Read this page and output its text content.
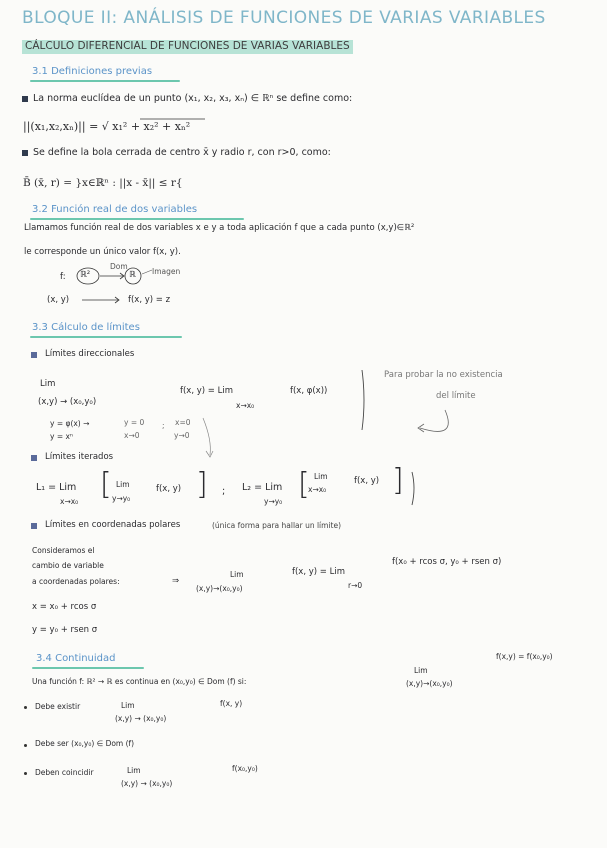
BLOQUE II: ANÁLISIS DE FUNCIONES DE VARIAS VARIABLES
CÁLCULO DIFERENCIAL DE FUNCIONES DE VARIAS VARIABLES
3.1 Definiciones previas
La norma euclídea de un punto (x₁, x₂, x₃, xₙ) ∈ ℝⁿ se define como:
||(x₁,x₂,xₙ)|| = √ x₁² + x₂² + xₙ²
Se define la bola cerrada de centro x̄ y radio r, con r>0, como:
B̄ (x̄, r) = }x∈ℝⁿ : ||x - x̄|| ≤ r{
3.2 Función real de dos variables
Llamamos función real de dos variables x e y a toda aplicación f que a cada punto (x,y)∈ℝ²
le corresponde un único valor f(x, y).
f: ℝ²	ℝ
Dom
Imagen
(x, y)	f(x, y) = z
3.3 Cálculo de límites
Límites direccionales
Lim
(x,y) → (x₀,y₀)
f(x, y) = Lim
x→x₀
f(x, φ(x))
y = φ(x) →
y = xⁿ
y = 0
x→0
; x=0
y→0
Para probar la no existencia
del límite
Límites iterados
L₁ = Lim
x→x₀ [ Lim
y→y₀
f(x, y) ] ; L₂ = Lim
y→y₀ [ Lim
x→x₀
f(x, y) ]
Límites en coordenadas polares	(única forma para hallar un límite)
Consideramos el
cambio de variable
a coordenadas polares:	⇒
Lim
(x,y)→(x₀,y₀)
f(x, y) = Lim
r→0
f(x₀ + rcos σ, y₀ + rsen σ)
x = x₀ + rcos σ
y = y₀ + rsen σ
3.4 Continuidad
Una función f: ℝ² → ℝ es continua en (x₀,y₀) ∈ Dom (f) si:
Lim
(x,y)→(x₀,y₀)
f(x,y) = f(x₀,y₀)
Debe existir	Lim
(x,y) → (x₀,y₀)
f(x, y)
Debe ser (x₀,y₀) ∈ Dom (f)
Deben coincidir	Lim
(x,y) → (x₀,y₀)
f(x₀,y₀)
